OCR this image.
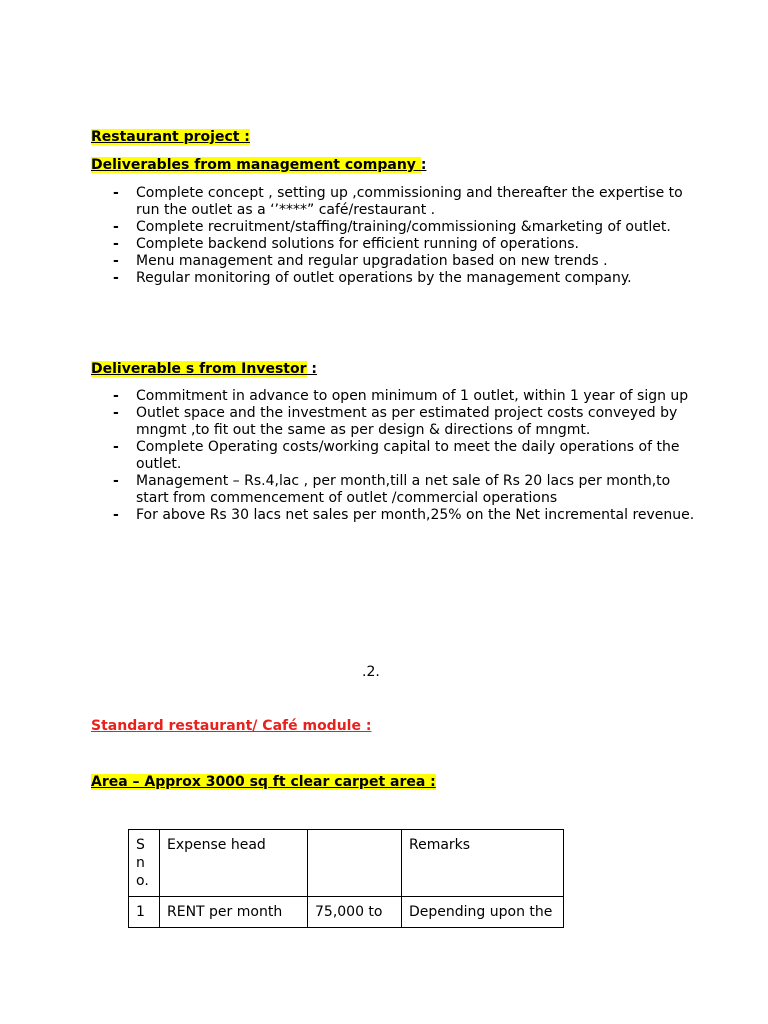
Restaurant project :
Deliverables from management company :
- Complete concept , setting up ,commissioning and thereafter the expertise to run the outlet as a ‘’****” café/restaurant .
- Complete recruitment/staffing/training/commissioning &marketing of outlet.
- Complete backend solutions for efficient running of operations.
- Menu management and regular upgradation based on new trends .
- Regular monitoring of outlet operations by the management company.
Deliverable s from Investor :
- Commitment in advance to open minimum of 1 outlet, within 1 year of sign up
- Outlet space and the investment as per estimated project costs conveyed by mngmt ,to fit out the same as per design & directions of mngmt.
- Complete Operating costs/working capital to meet the daily operations of the outlet.
- Management – Rs.4,lac , per month,till a net sale of Rs 20 lacs per month,to start from commencement of outlet /commercial operations
- For above Rs 30 lacs net sales per month,25% on the Net incremental revenue.
.2.
Standard restaurant/ Café module :
Area – Approx 3000 sq ft clear carpet area :
S n o.	Expense head		Remarks
1	RENT per month	75,000 to	Depending upon the
